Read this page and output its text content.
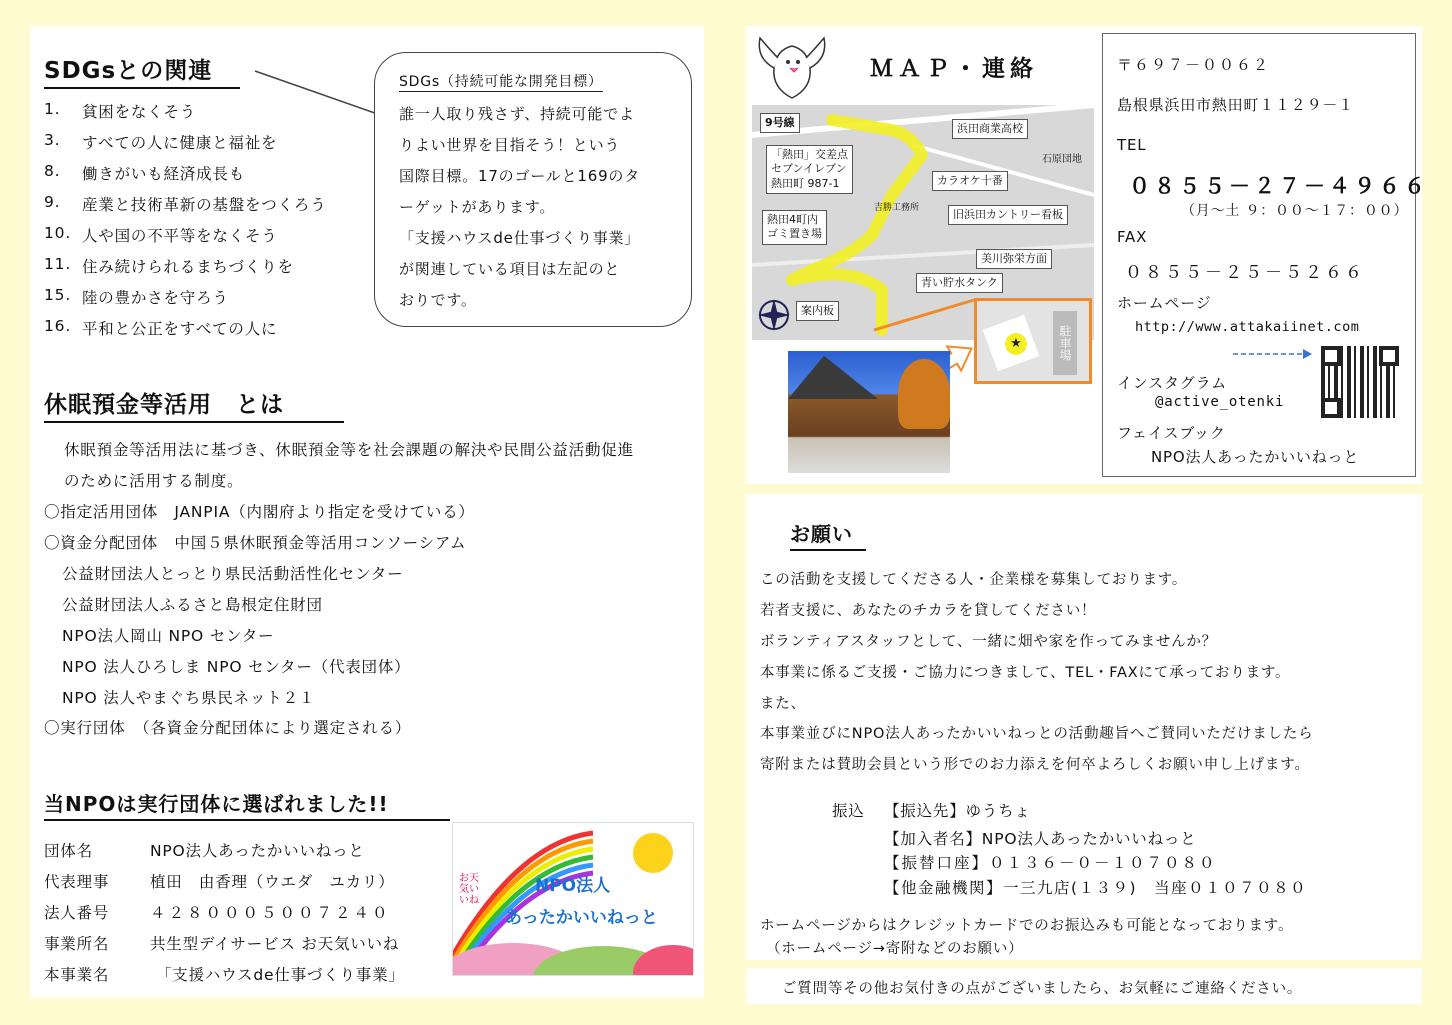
SDGsとの関連
1. 貧困をなくそう
3. すべての人に健康と福祉を
8. 働きがいも経済成長も
9. 産業と技術革新の基盤をつくろう
10. 人や国の不平等をなくそう
11. 住み続けられるまちづくりを
15. 陸の豊かさを守ろう
16. 平和と公正をすべての人に
休眠預金等活用　とは
休眠預金等活用法に基づき、休眠預金等を社会課題の解決や民間公益活動促進
のために活用する制度。
〇指定活用団体　JANPIA（内閣府より指定を受けている）
〇資金分配団体　中国５県休眠預金等活用コンソーシアム
公益財団法人とっとり県民活動活性化センター
公益財団法人ふるさと島根定住財団
NPO法人岡山 NPO センター
NPO 法人ひろしま NPO センター（代表団体）
NPO 法人やまぐち県民ネット２１
〇実行団体　（各資金分配団体により選定される）
当NPOは実行団体に選ばれました!!
団体名	NPO法人あったかいいねっと
代表理事	植田　由香理（ウエダ　ユカリ）
法人番号	４２８０００５００７２４０
事業所名	共生型デイサービス お天気いいね
本事業名	「支援ハウスde仕事づくり事業」
NPO法人
あったかいいねっと
お天気いいね
SDGs（持続可能な開発目標）
誰一人取り残さず、持続可能でよ
りよい世界を目指そう！という
国際目標。17のゴールと169のタ
ーゲットがあります。
「支援ハウスde仕事づくり事業」
が関連している項目は左記のと
おりです。
ＭＡＰ・連絡
9号線	浜田商業高校
「熱田」交差点
セブンイレブン
熱田町 987-1	カラオケ十番
石原団地
熱田4町内
ゴミ置き場
吉勝工務所	旧浜田カントリー看板
美川弥栄方面
青い貯水タンク
案内板
★	駐車場
〒６９７－００６２
島根県浜田市熱田町１１２９－１
TEL
０８５５－２７－４９６６
（月～土 ９：００～１７：００）
FAX
０８５５－２５－５２６６
ホームページ
http://www.attakaiinet.com
インスタグラム
@active_otenki
フェイスブック
NPO法人あったかいいねっと
お願い
この活動を支援してくださる人・企業様を募集しております。
若者支援に、あなたのチカラを貸してください！
ボランティアスタッフとして、一緒に畑や家を作ってみませんか？
本事業に係るご支援・ご協力につきまして、TEL・FAXにて承っております。
また、
本事業並びにNPO法人あったかいいねっとの活動趣旨へご賛同いただけましたら
寄附または賛助会員という形でのお力添えを何卒よろしくお願い申し上げます。
振込 【振込先】ゆうちょ
【加入者名】NPO法人あったかいいねっと
【振替口座】０１３６－０－１０７０８０
【他金融機関】一三九店(１３９)　当座０１０７０８０
ホームページからはクレジットカードでのお振込みも可能となっております。
（ホームページ→寄附などのお願い）
ご質問等その他お気付きの点がございましたら、お気軽にご連絡ください。
